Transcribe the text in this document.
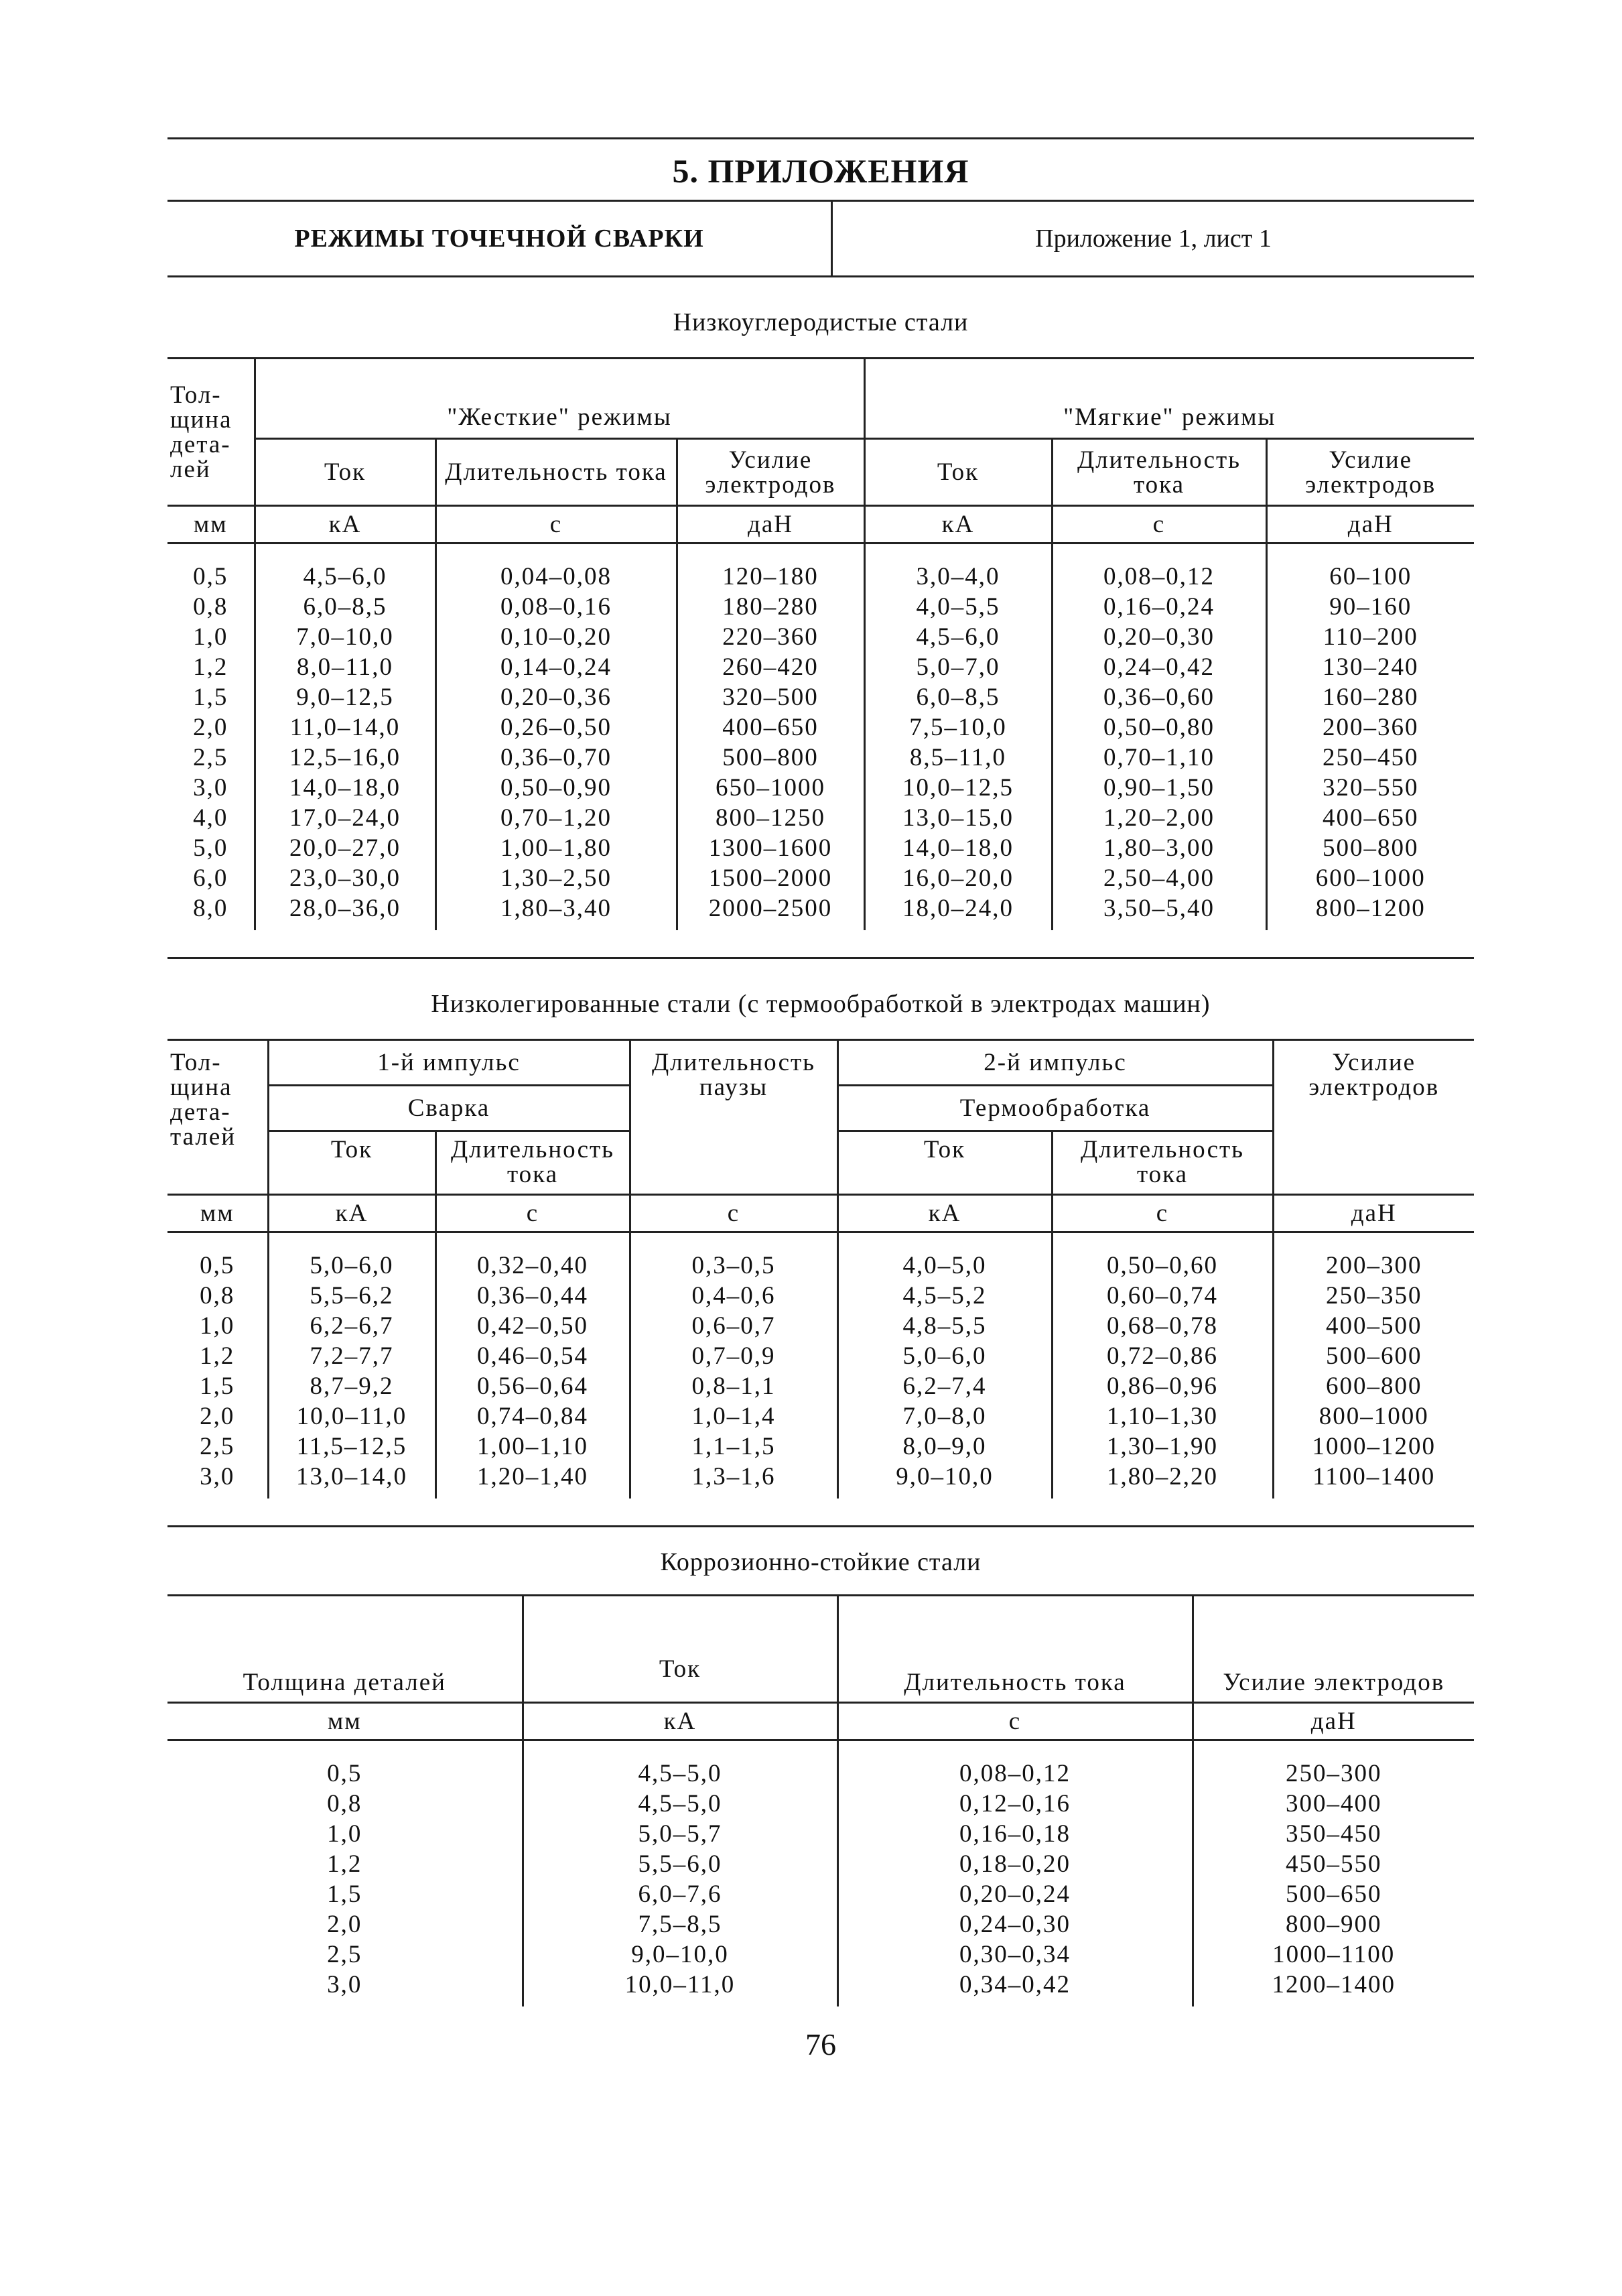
5. ПРИЛОЖЕНИЯ
РЕЖИМЫ ТОЧЕЧНОЙ СВАРКИ	Приложение 1, лист 1
Низкоуглеродистые стали
Тол-щина дета-лей	"Жесткие" режимы			"Мягкие" режимы		
	Ток	Длительность тока	Усилие электродов	Ток	Длительность тока	Усилие электродов
мм	кА	с	даН	кА	с	даН
0,5	4,5–6,0	0,04–0,08	120–180	3,0–4,0	0,08–0,12	60–100
0,8	6,0–8,5	0,08–0,16	180–280	4,0–5,5	0,16–0,24	90–160
1,0	7,0–10,0	0,10–0,20	220–360	4,5–6,0	0,20–0,30	110–200
1,2	8,0–11,0	0,14–0,24	260–420	5,0–7,0	0,24–0,42	130–240
1,5	9,0–12,5	0,20–0,36	320–500	6,0–8,5	0,36–0,60	160–280
2,0	11,0–14,0	0,26–0,50	400–650	7,5–10,0	0,50–0,80	200–360
2,5	12,5–16,0	0,36–0,70	500–800	8,5–11,0	0,70–1,10	250–450
3,0	14,0–18,0	0,50–0,90	650–1000	10,0–12,5	0,90–1,50	320–550
4,0	17,0–24,0	0,70–1,20	800–1250	13,0–15,0	1,20–2,00	400–650
5,0	20,0–27,0	1,00–1,80	1300–1600	14,0–18,0	1,80–3,00	500–800
6,0	23,0–30,0	1,30–2,50	1500–2000	16,0–20,0	2,50–4,00	600–1000
8,0	28,0–36,0	1,80–3,40	2000–2500	18,0–24,0	3,50–5,40	800–1200
Низколегированные стали (с термообработкой в электродах машин)
Тол-щина дета-талей	1-й импульс		Длительность паузы	2-й импульс		Усилие электродов
	Сварка			Термообработка		
	Ток	Длительность тока		Ток	Длительность тока	
мм	кА	с	с	кА	с	даН
0,5	5,0–6,0	0,32–0,40	0,3–0,5	4,0–5,0	0,50–0,60	200–300
0,8	5,5–6,2	0,36–0,44	0,4–0,6	4,5–5,2	0,60–0,74	250–350
1,0	6,2–6,7	0,42–0,50	0,6–0,7	4,8–5,5	0,68–0,78	400–500
1,2	7,2–7,7	0,46–0,54	0,7–0,9	5,0–6,0	0,72–0,86	500–600
1,5	8,7–9,2	0,56–0,64	0,8–1,1	6,2–7,4	0,86–0,96	600–800
2,0	10,0–11,0	0,74–0,84	1,0–1,4	7,0–8,0	1,10–1,30	800–1000
2,5	11,5–12,5	1,00–1,10	1,1–1,5	8,0–9,0	1,30–1,90	1000–1200
3,0	13,0–14,0	1,20–1,40	1,3–1,6	9,0–10,0	1,80–2,20	1100–1400
Коррозионно-стойкие стали
Толщина деталей	Ток	Длительность тока	Усилие электродов
мм	кА	с	даН
0,5	4,5–5,0	0,08–0,12	250–300
0,8	4,5–5,0	0,12–0,16	300–400
1,0	5,0–5,7	0,16–0,18	350–450
1,2	5,5–6,0	0,18–0,20	450–550
1,5	6,0–7,6	0,20–0,24	500–650
2,0	7,5–8,5	0,24–0,30	800–900
2,5	9,0–10,0	0,30–0,34	1000–1100
3,0	10,0–11,0	0,34–0,42	1200–1400
76
